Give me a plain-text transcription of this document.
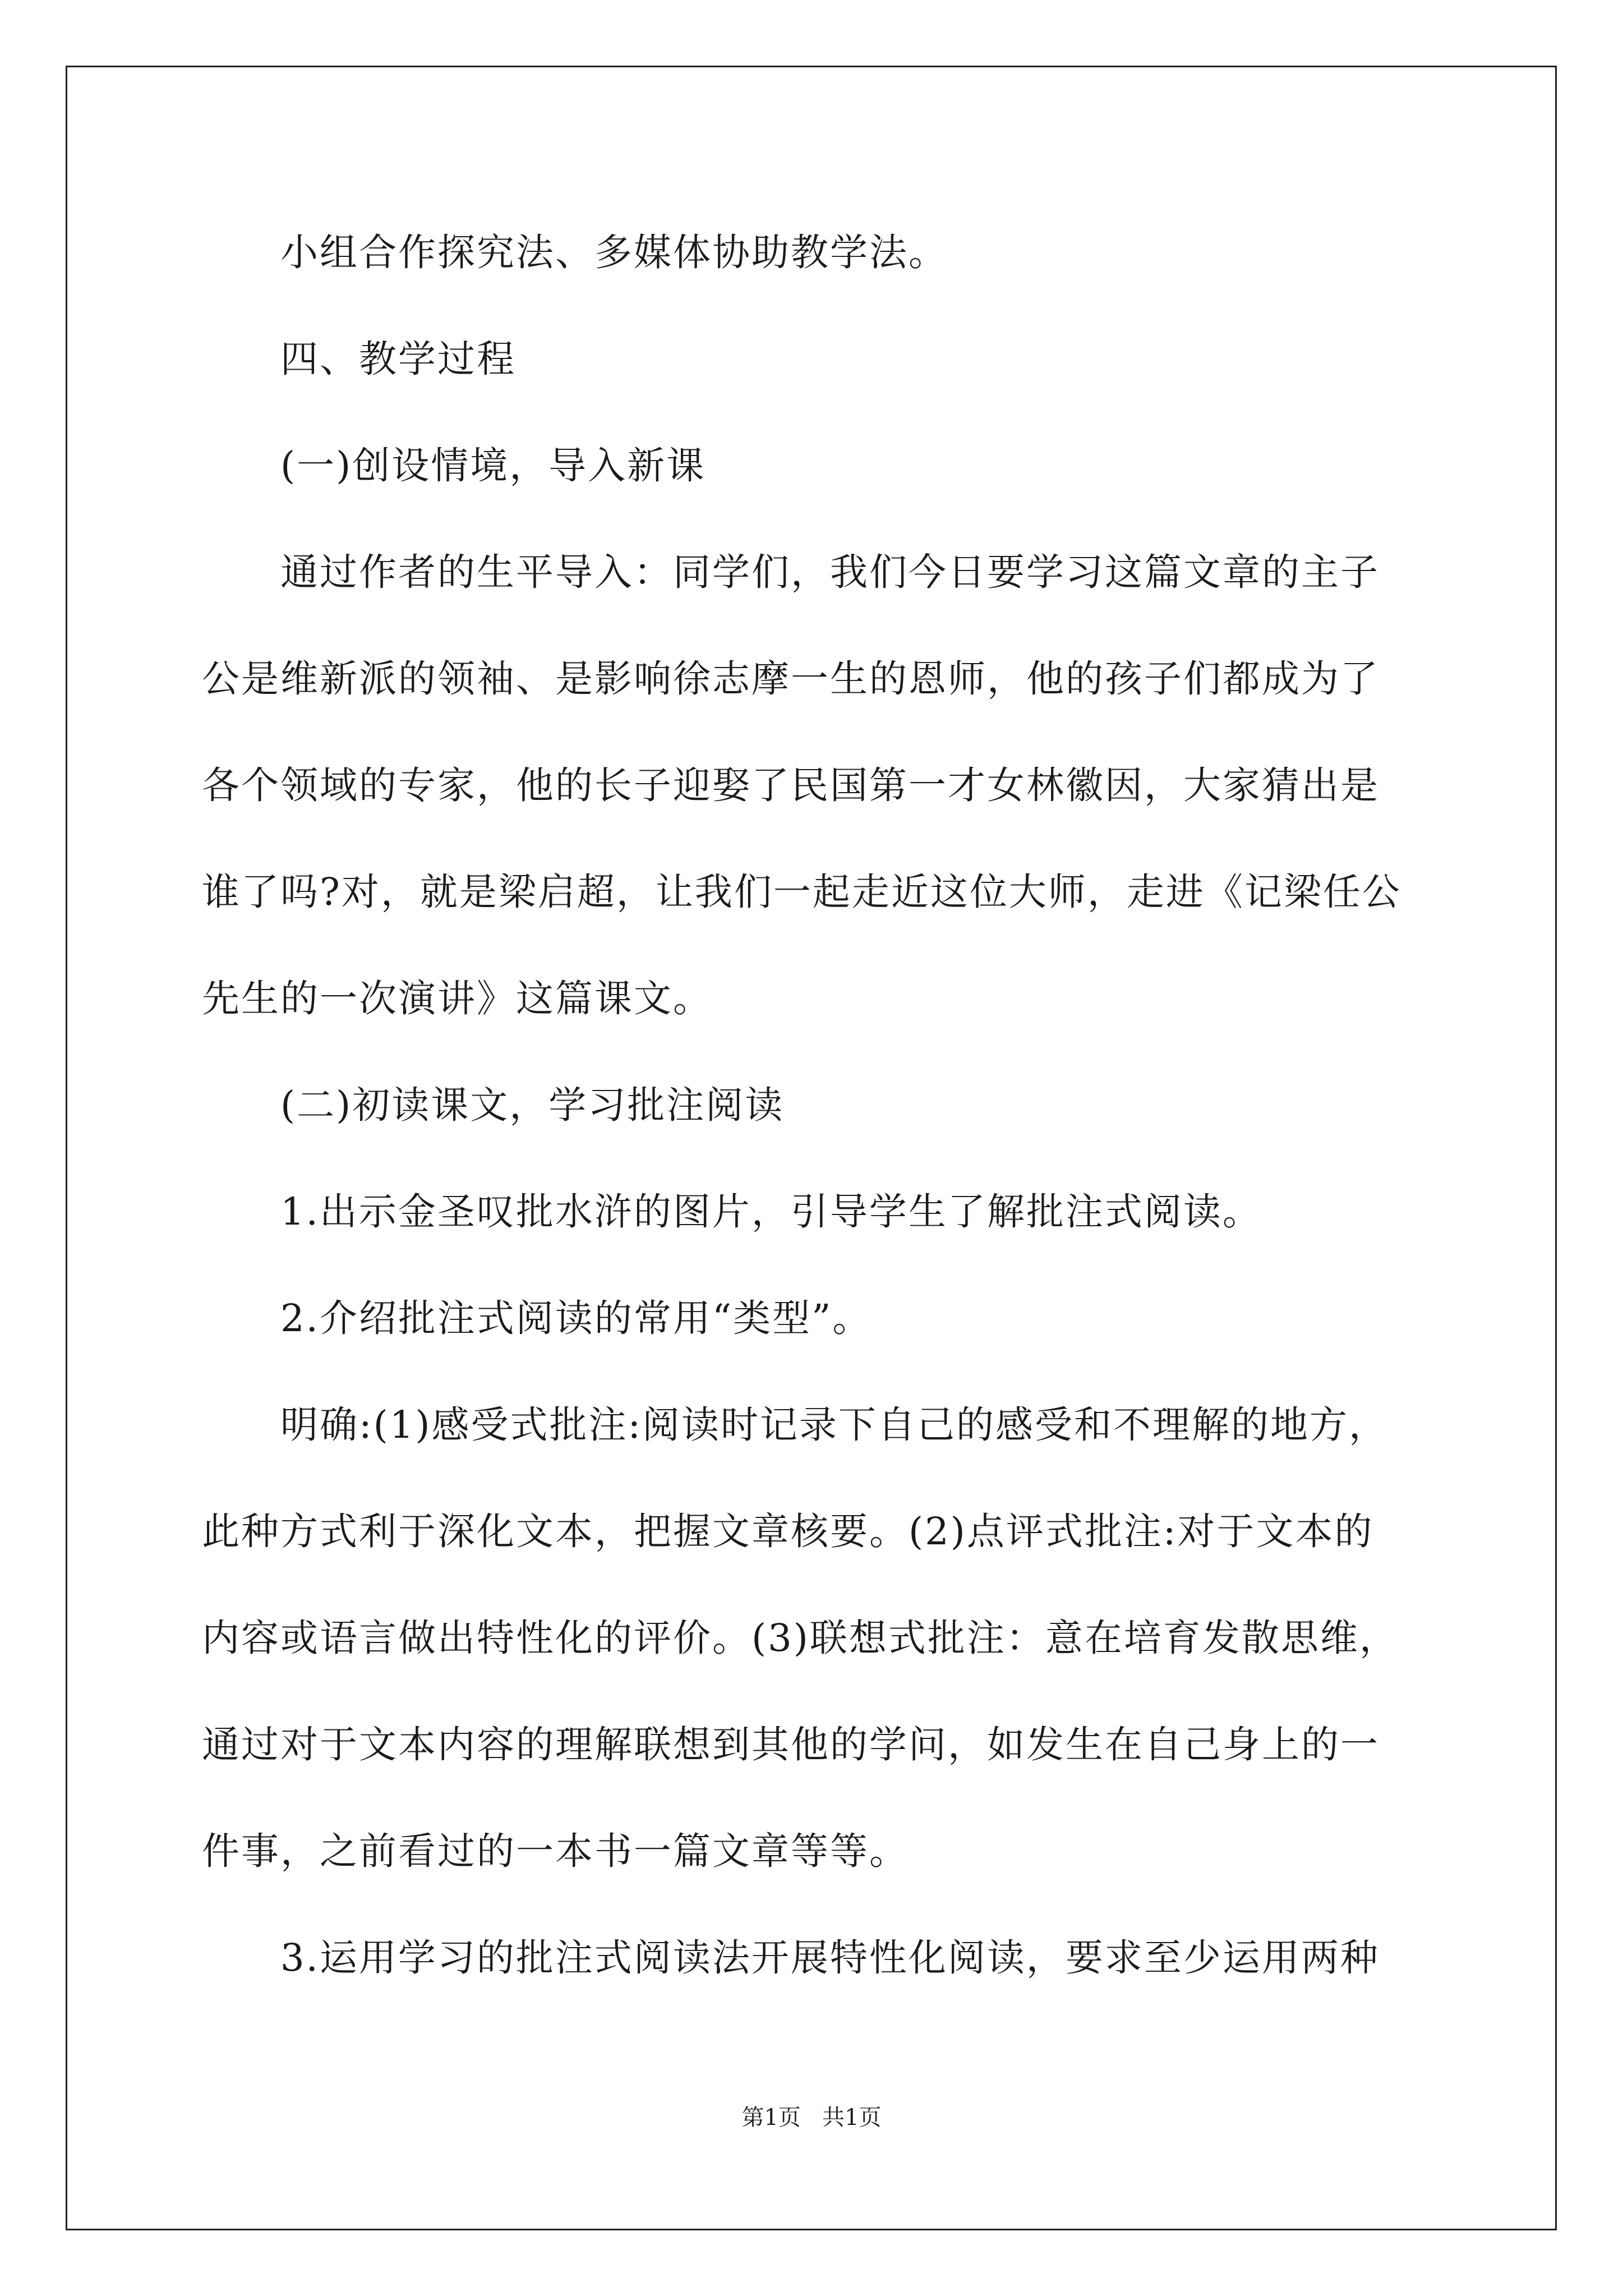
小组合作探究法、多媒体协助教学法。
四、教学过程
(一)创设情境，导入新课
通过作者的生平导入：同学们，我们今日要学习这篇文章的主子
公是维新派的领袖、是影响徐志摩一生的恩师，他的孩子们都成为了
各个领域的专家，他的长子迎娶了民国第一才女林徽因，大家猜出是
谁了吗?对，就是梁启超，让我们一起走近这位大师，走进《记梁任公
先生的一次演讲》这篇课文。
(二)初读课文，学习批注阅读
1.出示金圣叹批水浒的图片，引导学生了解批注式阅读。
2.介绍批注式阅读的常用“类型”。
明确:(1)感受式批注:阅读时记录下自己的感受和不理解的地方，
此种方式利于深化文本，把握文章核要。(2)点评式批注:对于文本的
内容或语言做出特性化的评价。(3)联想式批注：意在培育发散思维，
通过对于文本内容的理解联想到其他的学问，如发生在自己身上的一
件事，之前看过的一本书一篇文章等等。
3.运用学习的批注式阅读法开展特性化阅读，要求至少运用两种
第1页   共1页
